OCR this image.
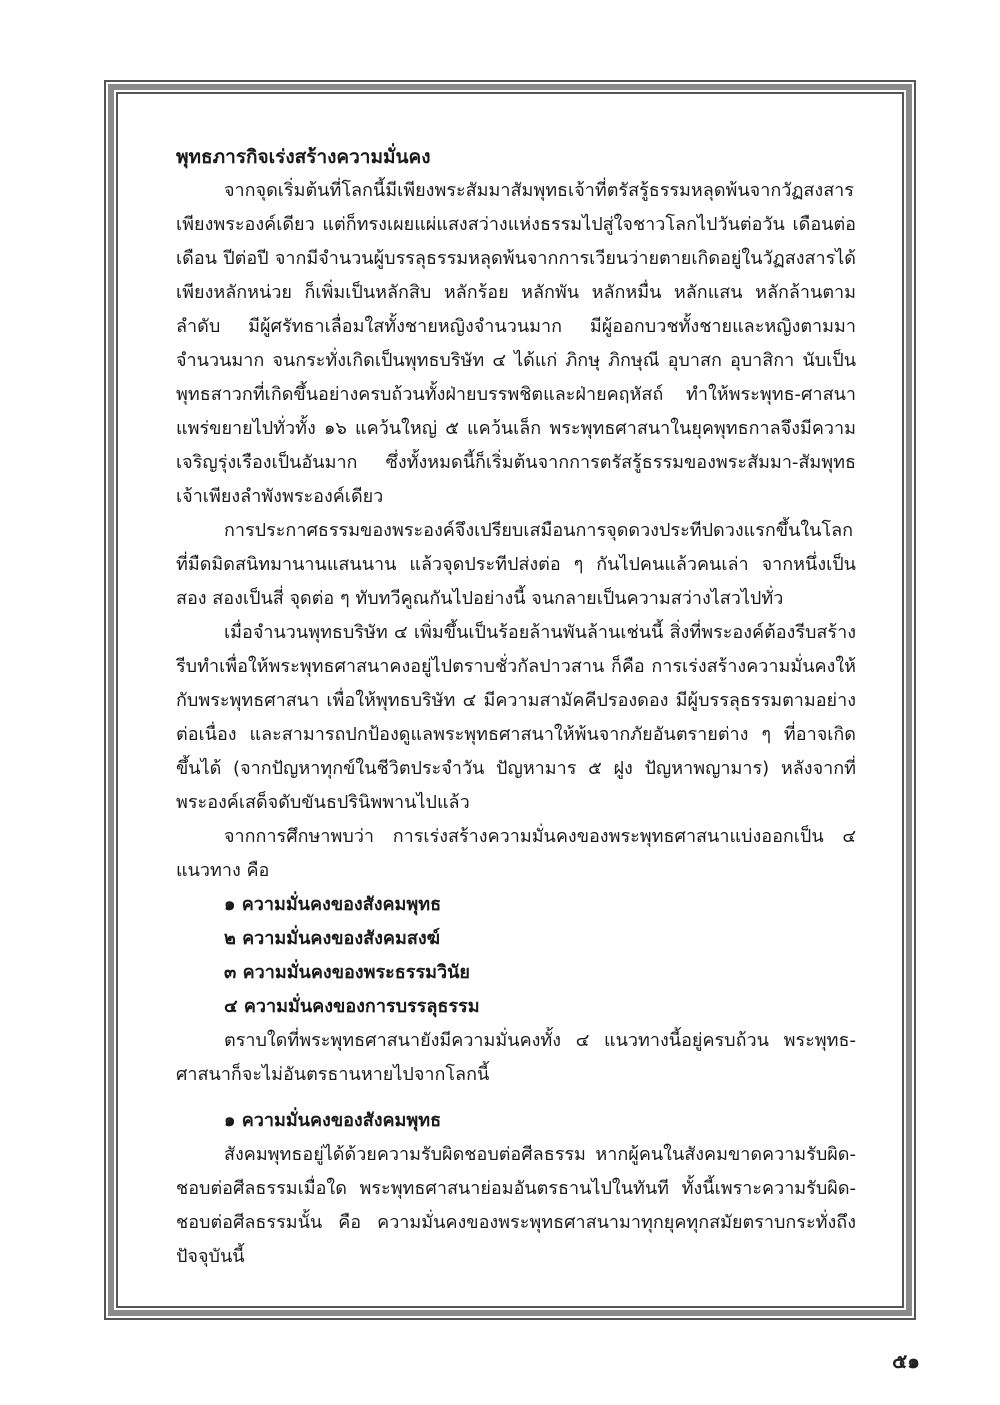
พุทธภารกิจเร่งสร้างความมั่นคง

จากจุดเริ่มต้นที่โลกนี้มีเพียงพระสัมมาสัมพุทธเจ้าที่ตรัสรู้ธรรมหลุดพ้นจากวัฏสงสารเพียงพระองค์เดียว แต่ก็ทรงเผยแผ่แสงสว่างแห่งธรรมไปสู่ใจชาวโลกไปวันต่อวัน เดือนต่อเดือน ปีต่อปี จากมีจำนวนผู้บรรลุธรรมหลุดพ้นจากการเวียนว่ายตายเกิดอยู่ในวัฏสงสารได้เพียงหลักหน่วย ก็เพิ่มเป็นหลักสิบ หลักร้อย หลักพัน หลักหมื่น หลักแสน หลักล้านตามลำดับ มีผู้ศรัทธาเลื่อมใสทั้งชายหญิงจำนวนมาก มีผู้ออกบวชทั้งชายและหญิงตามมาจำนวนมาก จนกระทั่งเกิดเป็นพุทธบริษัท ๔ ได้แก่ ภิกษุ ภิกษุณี อุบาสก อุบาสิกา นับเป็นพุทธสาวกที่เกิดขึ้นอย่างครบถ้วนทั้งฝ่ายบรรพชิตและฝ่ายคฤหัสถ์ ทำให้พระพุทธ-ศาสนาแพร่ขยายไปทั่วทั้ง ๑๖ แคว้นใหญ่ ๕ แคว้นเล็ก พระพุทธศาสนาในยุคพุทธกาลจึงมีความเจริญรุ่งเรืองเป็นอันมาก ซึ่งทั้งหมดนี้ก็เริ่มต้นจากการตรัสรู้ธรรมของพระสัมมา-สัมพุทธเจ้าเพียงลำพังพระองค์เดียว

การประกาศธรรมของพระองค์จึงเปรียบเสมือนการจุดดวงประทีปดวงแรกขึ้นในโลกที่มืดมิดสนิทมานานแสนนาน แล้วจุดประทีปส่งต่อ ๆ กันไปคนแล้วคนเล่า จากหนึ่งเป็นสอง สองเป็นสี่ จุดต่อ ๆ ทับทวีคูณกันไปอย่างนี้ จนกลายเป็นความสว่างไสวไปทั่ว

เมื่อจำนวนพุทธบริษัท ๔ เพิ่มขึ้นเป็นร้อยล้านพันล้านเช่นนี้ สิ่งที่พระองค์ต้องรีบสร้างรีบทำเพื่อให้พระพุทธศาสนาคงอยู่ไปตราบชั่วกัลปาวสาน ก็คือ การเร่งสร้างความมั่นคงให้กับพระพุทธศาสนา เพื่อให้พุทธบริษัท ๔ มีความสามัคคีปรองดอง มีผู้บรรลุธรรมตามอย่างต่อเนื่อง และสามารถปกป้องดูแลพระพุทธศาสนาให้พ้นจากภัยอันตรายต่าง ๆ ที่อาจเกิดขึ้นได้ (จากปัญหาทุกข์ในชีวิตประจำวัน ปัญหามาร ๕ ฝูง ปัญหาพญามาร) หลังจากที่พระองค์เสด็จดับขันธปรินิพพานไปแล้ว

จากการศึกษาพบว่า การเร่งสร้างความมั่นคงของพระพุทธศาสนาแบ่งออกเป็น ๔ แนวทาง คือ

๑ ความมั่นคงของสังคมพุทธ

๒ ความมั่นคงของสังคมสงฆ์

๓ ความมั่นคงของพระธรรมวินัย

๔ ความมั่นคงของการบรรลุธรรม

ตราบใดที่พระพุทธศาสนายังมีความมั่นคงทั้ง ๔ แนวทางนี้อยู่ครบถ้วน พระพุทธ-ศาสนาก็จะไม่อันตรธานหายไปจากโลกนี้

๑ ความมั่นคงของสังคมพุทธ

สังคมพุทธอยู่ได้ด้วยความรับผิดชอบต่อศีลธรรม หากผู้คนในสังคมขาดความรับผิด-ชอบต่อศีลธรรมเมื่อใด พระพุทธศาสนาย่อมอันตรธานไปในทันที ทั้งนี้เพราะความรับผิด-ชอบต่อศีลธรรมนั้น คือ ความมั่นคงของพระพุทธศาสนามาทุกยุคทุกสมัยตราบกระทั่งถึงปัจจุบันนี้

๕๑
